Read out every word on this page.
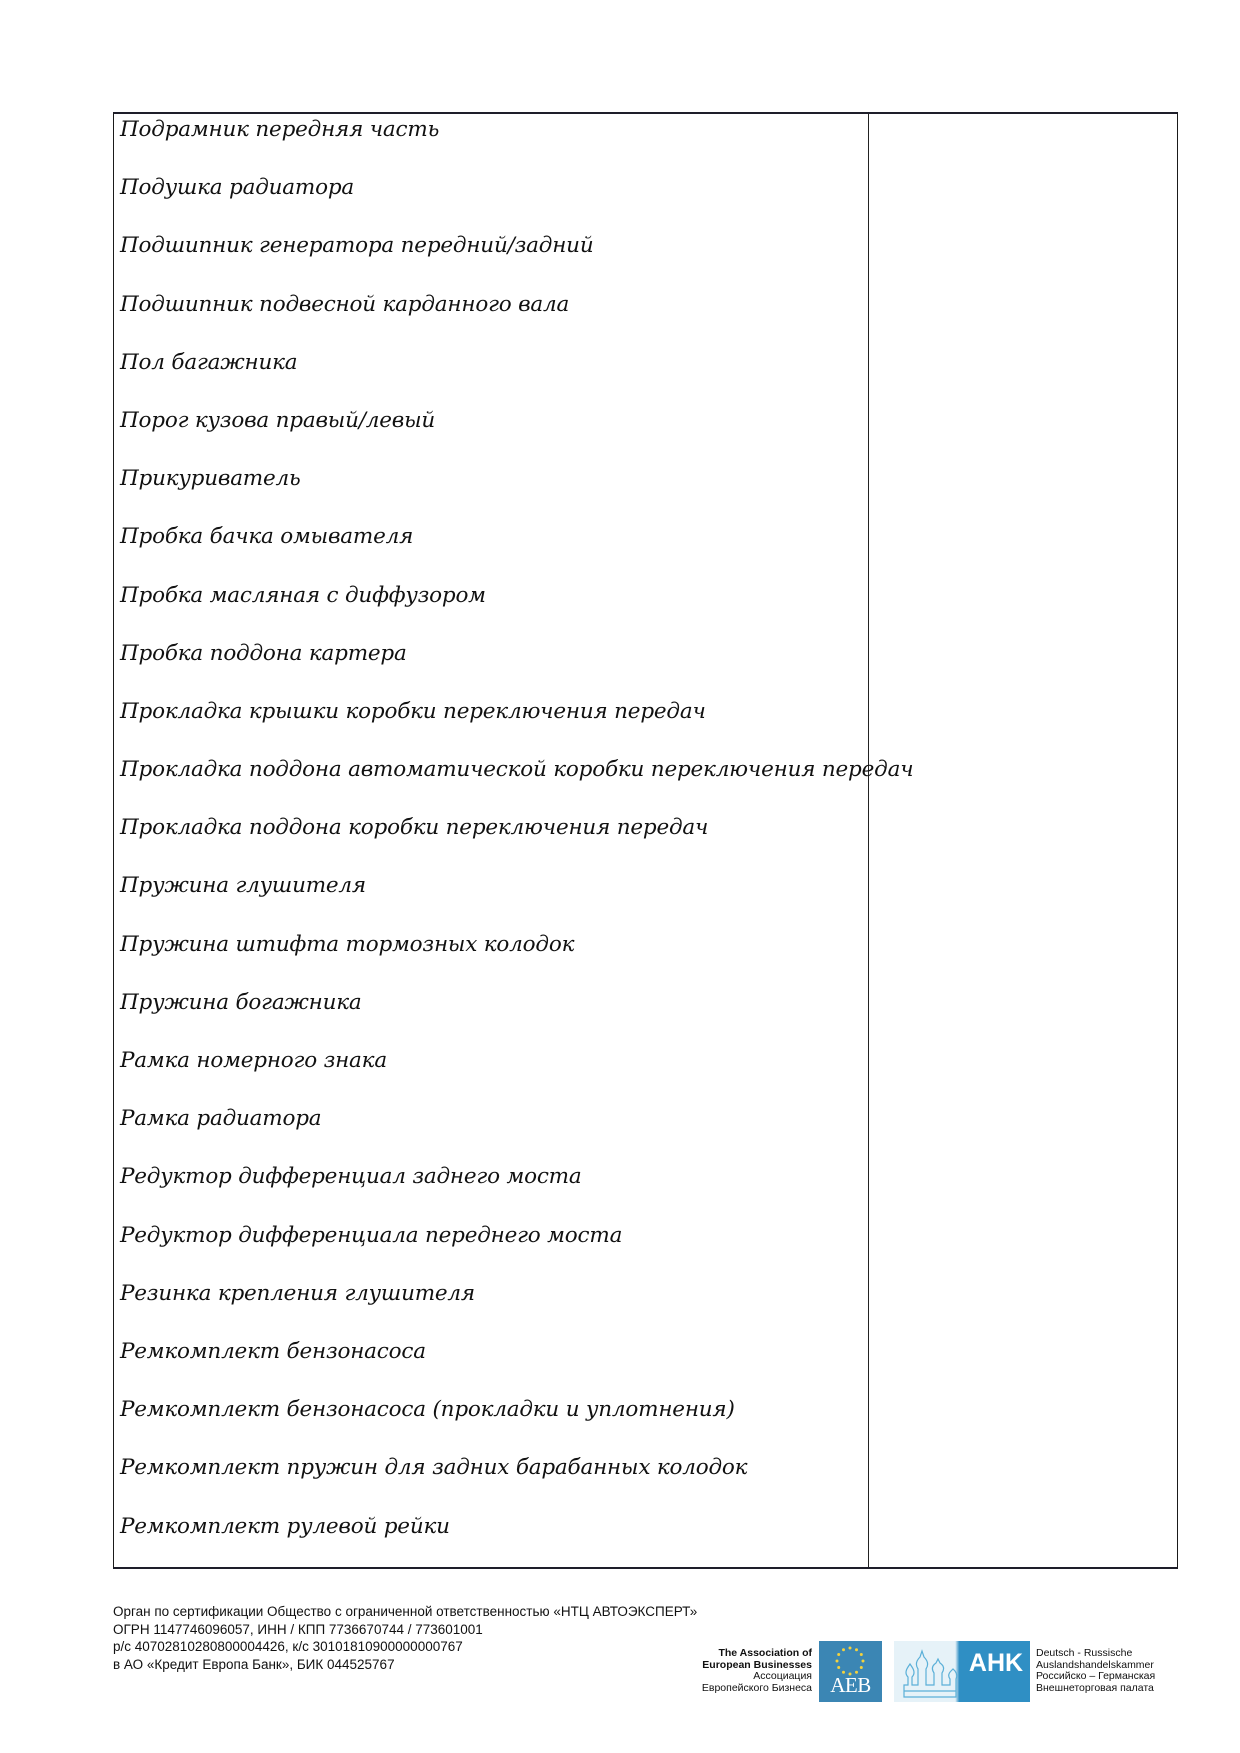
Подрамник передняя часть
Подушка радиатора
Подшипник генератора передний/задний
Подшипник подвесной карданного вала
Пол багажника
Порог кузова правый/левый
Прикуриватель
Пробка бачка омывателя
Пробка масляная с диффузором
Пробка поддона картера
Прокладка крышки коробки переключения передач
Прокладка поддона автоматической коробки переключения передач
Прокладка поддона коробки переключения передач
Пружина глушителя
Пружина штифта тормозных колодок
Пружина богажника
Рамка номерного знака
Рамка радиатора
Редуктор дифференциал заднего моста
Редуктор дифференциала переднего моста
Резинка крепления глушителя
Ремкомплект бензонасоса
Ремкомплект бензонасоса (прокладки и уплотнения)
Ремкомплект пружин для задних барабанных колодок
Ремкомплект рулевой рейки
Орган по сертификации Общество с ограниченной ответственностью «НТЦ АВТОЭКСПЕРТ»
ОГРН 1147746096057, ИНН / КПП 7736670744 / 773601001
р/с 40702810280800004426, к/с 30101810900000000767
в АО «Кредит Европа Банк», БИК 044525767
The Association of
European Businesses
Ассоциация
Европейского Бизнеса AEB
AHK	Deutsch - Russische
Auslandshandelskammer
Российско – Германская
Внешнеторговая палата
